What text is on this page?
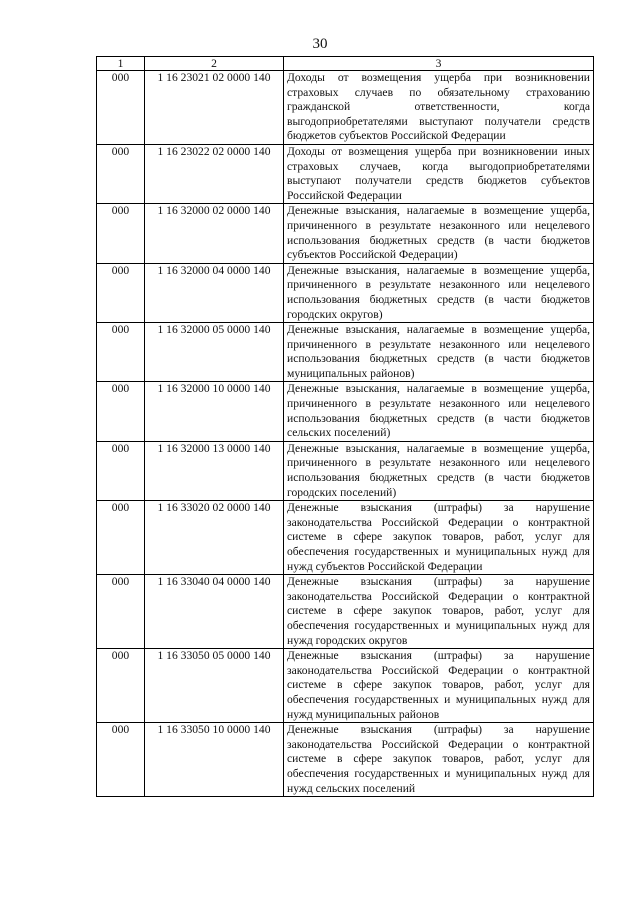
30
1	2	3
000	1 16 23021 02 0000 140	Доходы от возмещения ущерба при возникновении страховых случаев по обязательному страхованию гражданской ответственности, когда выгодоприобретателями выступают получатели средств бюджетов субъектов Российской Федерации
000	1 16 23022 02 0000 140	Доходы от возмещения ущерба при возникновении иных страховых случаев, когда выгодоприобретателями выступают получатели средств бюджетов субъектов Российской Федерации
000	1 16 32000 02 0000 140	Денежные взыскания, налагаемые в возмещение ущерба, причиненного в результате незаконного или нецелевого использования бюджетных средств (в части бюджетов субъектов Российской Федерации)
000	1 16 32000 04 0000 140	Денежные взыскания, налагаемые в возмещение ущерба, причиненного в результате незаконного или нецелевого использования бюджетных средств (в части бюджетов городских округов)
000	1 16 32000 05 0000 140	Денежные взыскания, налагаемые в возмещение ущерба, причиненного в результате незаконного или нецелевого использования бюджетных средств (в части бюджетов муниципальных районов)
000	1 16 32000 10 0000 140	Денежные взыскания, налагаемые в возмещение ущерба, причиненного в результате незаконного или нецелевого использования бюджетных средств (в части бюджетов сельских поселений)
000	1 16 32000 13 0000 140	Денежные взыскания, налагаемые в возмещение ущерба, причиненного в результате незаконного или нецелевого использования бюджетных средств (в части бюджетов городских поселений)
000	1 16 33020 02 0000 140	Денежные взыскания (штрафы) за нарушение законодательства Российской Федерации о контрактной системе в сфере закупок товаров, работ, услуг для обеспечения государственных и муниципальных нужд для нужд субъектов Российской Федерации
000	1 16 33040 04 0000 140	Денежные взыскания (штрафы) за нарушение законодательства Российской Федерации о контрактной системе в сфере закупок товаров, работ, услуг для обеспечения государственных и муниципальных нужд для нужд городских округов
000	1 16 33050 05 0000 140	Денежные взыскания (штрафы) за нарушение законодательства Российской Федерации о контрактной системе в сфере закупок товаров, работ, услуг для обеспечения государственных и муниципальных нужд для нужд муниципальных районов
000	1 16 33050 10 0000 140	Денежные взыскания (штрафы) за нарушение законодательства Российской Федерации о контрактной системе в сфере закупок товаров, работ, услуг для обеспечения государственных и муниципальных нужд для нужд сельских поселений
